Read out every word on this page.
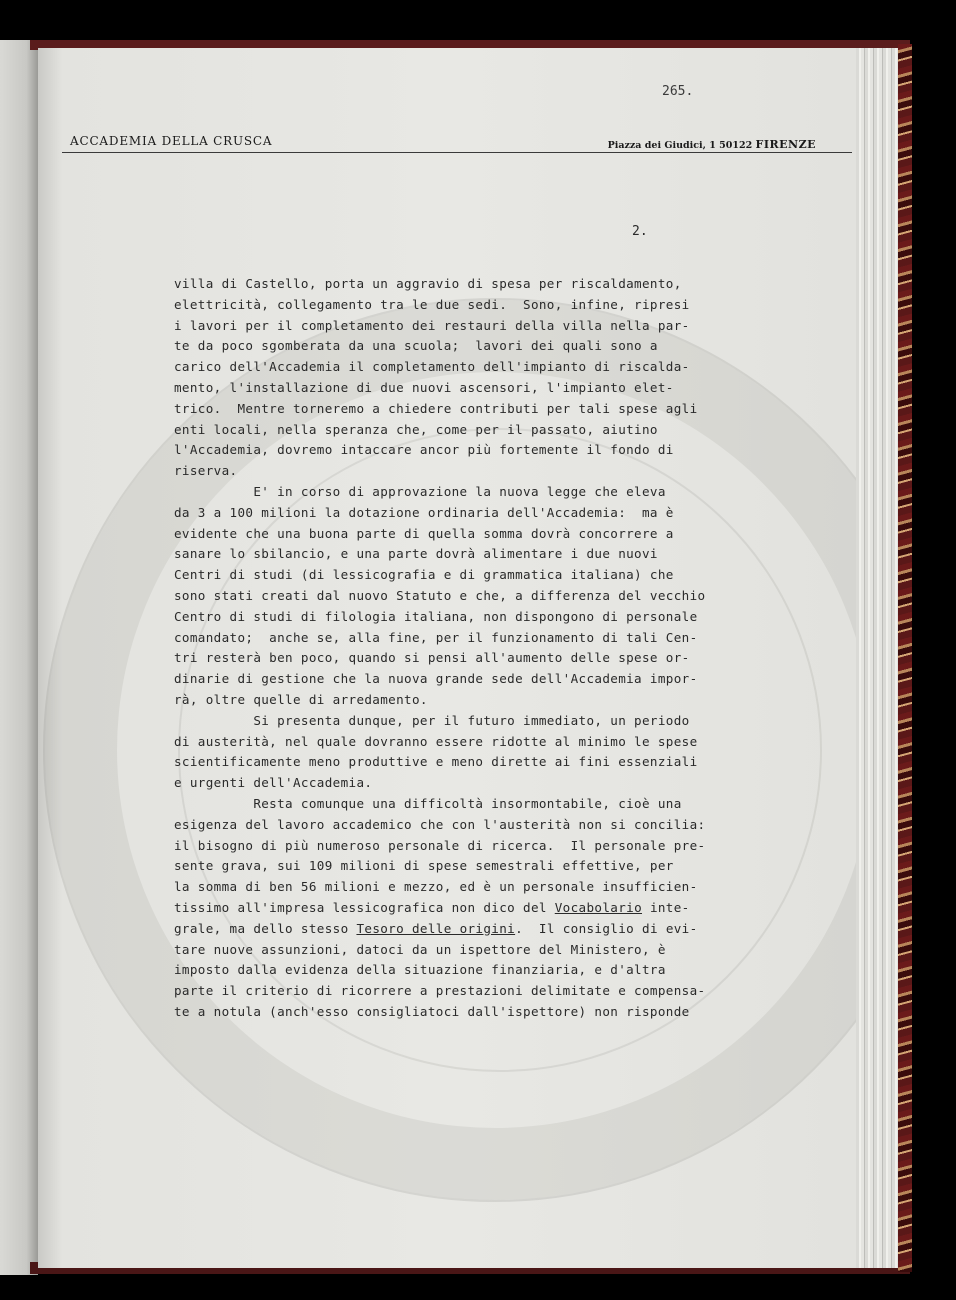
265.
ACCADEMIA DELLA CRUSCA	Piazza dei Giudici, 1 50122 FIRENZE
2.
villa di Castello, porta un aggravio di spesa per riscaldamento,
elettricità, collegamento tra le due sedi.  Sono, infine, ripresi
i lavori per il completamento dei restauri della villa nella par-
te da poco sgomberata da una scuola;  lavori dei quali sono a
carico dell'Accademia il completamento dell'impianto di riscalda-
mento, l'installazione di due nuovi ascensori, l'impianto elet-
trico.  Mentre torneremo a chiedere contributi per tali spese agli
enti locali, nella speranza che, come per il passato, aiutino
l'Accademia, dovremo intaccare ancor più fortemente il fondo di
riserva.
E' in corso di approvazione la nuova legge che eleva
da 3 a 100 milioni la dotazione ordinaria dell'Accademia:  ma è
evidente che una buona parte di quella somma dovrà concorrere a
sanare lo sbilancio, e una parte dovrà alimentare i due nuovi
Centri di studi (di lessicografia e di grammatica italiana) che
sono stati creati dal nuovo Statuto e che, a differenza del vecchio
Centro di studi di filologia italiana, non dispongono di personale
comandato;  anche se, alla fine, per il funzionamento di tali Cen-
tri resterà ben poco, quando si pensi all'aumento delle spese or-
dinarie di gestione che la nuova grande sede dell'Accademia impor-
rà, oltre quelle di arredamento.
Si presenta dunque, per il futuro immediato, un periodo
di austerità, nel quale dovranno essere ridotte al minimo le spese
scientificamente meno produttive e meno dirette ai fini essenziali
e urgenti dell'Accademia.
Resta comunque una difficoltà insormontabile, cioè una
esigenza del lavoro accademico che con l'austerità non si concilia:
il bisogno di più numeroso personale di ricerca.  Il personale pre-
sente grava, sui 109 milioni di spese semestrali effettive, per
la somma di ben 56 milioni e mezzo, ed è un personale insufficien-
tissimo all'impresa lessicografica non dico del Vocabolario inte-
grale, ma dello stesso Tesoro delle origini.  Il consiglio di evi-
tare nuove assunzioni, datoci da un ispettore del Ministero, è
imposto dalla evidenza della situazione finanziaria, e d'altra
parte il criterio di ricorrere a prestazioni delimitate e compensa-
te a notula (anch'esso consigliatoci dall'ispettore) non risponde
